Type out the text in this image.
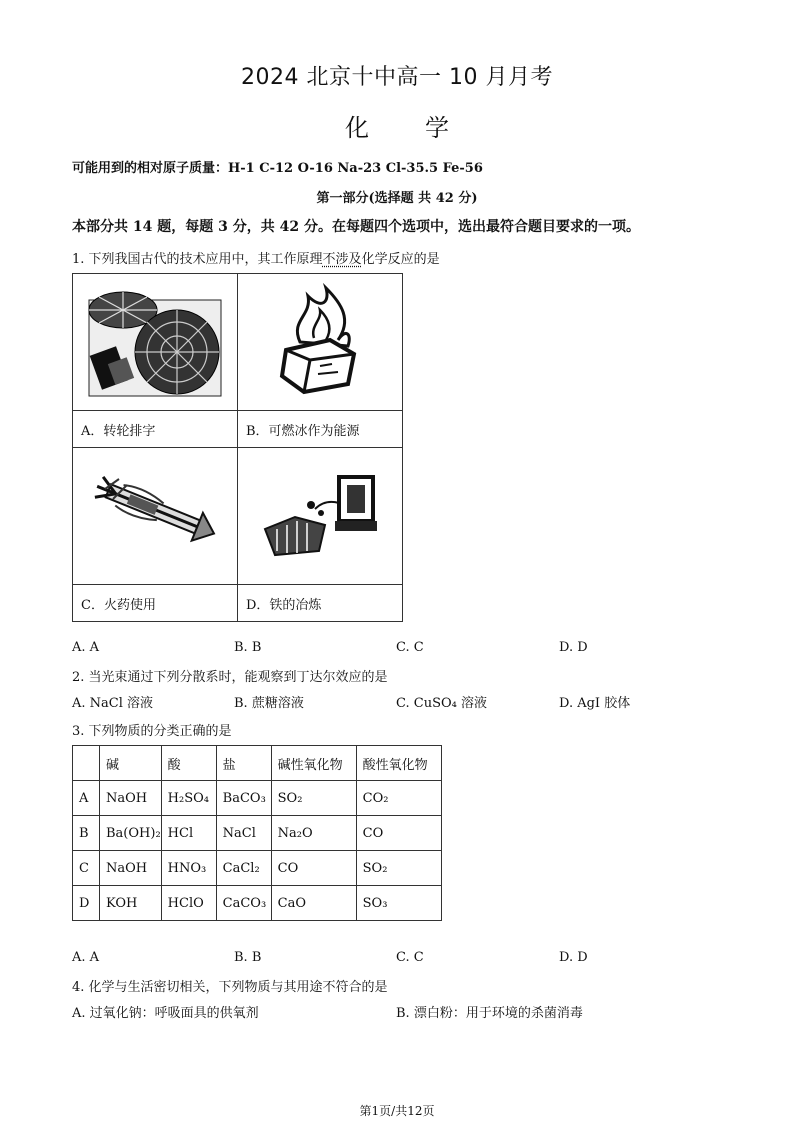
2024 北京十中高一 10 月月考
化 学
可能用到的相对原子质量：H-1 C-12 O-16 Na-23 Cl-35.5 Fe-56
第一部分(选择题 共 42 分)
本部分共 14 题，每题 3 分，共 42 分。在每题四个选项中，选出最符合题目要求的一项。
1. 下列我国古代的技术应用中，其工作原理不涉及化学反应的是

A．转轮排字	B．可燃冰作为能源

C．火药使用	D．铁的冶炼
A. A	B. B	C. C	D. D
2. 当光束通过下列分散系时，能观察到丁达尔效应的是
A. NaCl 溶液	B. 蔗糖溶液	C. CuSO₄ 溶液	D. AgI 胶体
3. 下列物质的分类正确的是
	碱	酸	盐	碱性氧化物	酸性氧化物
A	NaOH	H₂SO₄	BaCO₃	SO₂	CO₂
B	Ba(OH)₂	HCl	NaCl	Na₂O	CO
C	NaOH	HNO₃	CaCl₂	CO	SO₂
D	KOH	HClO	CaCO₃	CaO	SO₃
A. A	B. B	C. C	D. D
4. 化学与生活密切相关，下列物质与其用途不符合的是
A. 过氧化钠：呼吸面具的供氧剂	B. 漂白粉：用于环境的杀菌消毒
第1页/共12页
